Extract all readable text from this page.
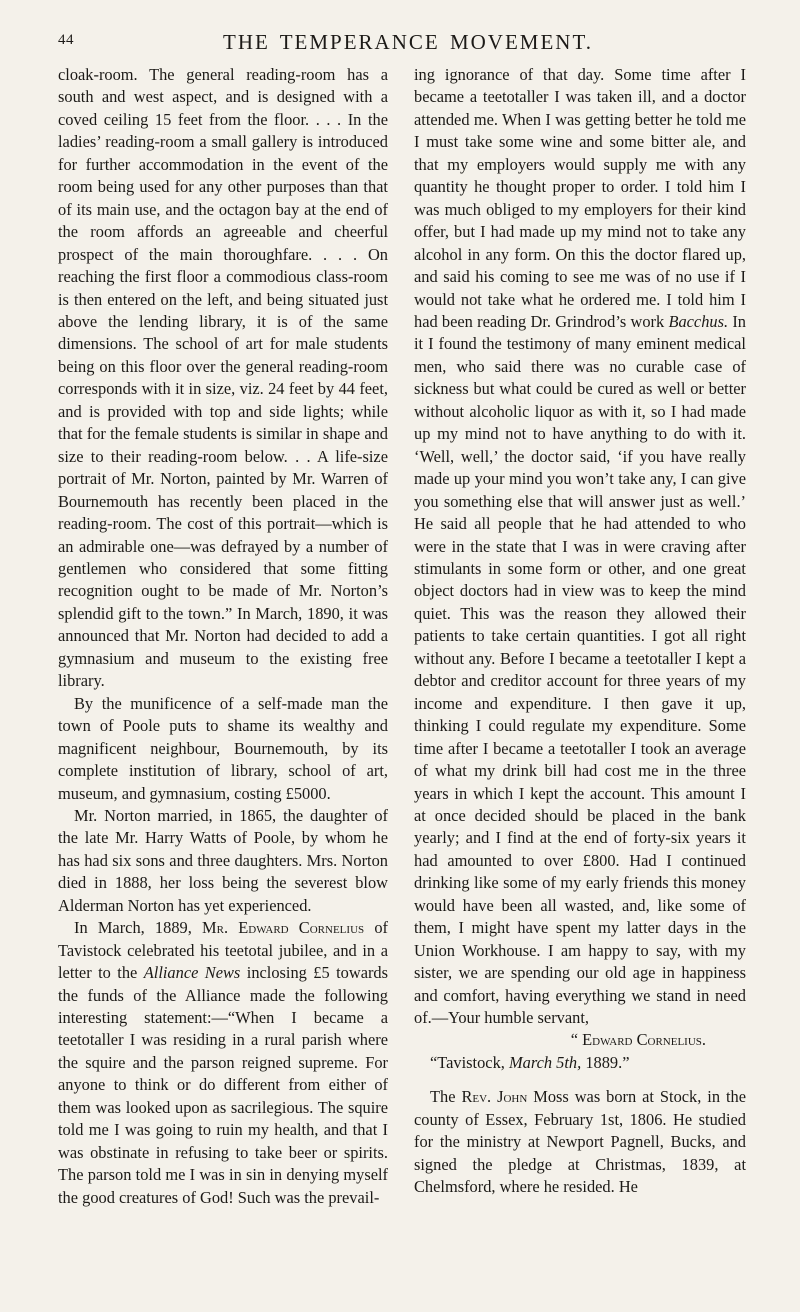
44	THE TEMPERANCE MOVEMENT.

cloak-room. The general reading-room has a south and west aspect, and is designed with a coved ceiling 15 feet from the floor. . . . In the ladies’ reading-room a small gallery is introduced for further accommodation in the event of the room being used for any other purposes than that of its main use, and the octagon bay at the end of the room affords an agreeable and cheerful prospect of the main thoroughfare. . . . On reaching the first floor a commodious class-room is then entered on the left, and being situated just above the lending library, it is of the same dimensions. The school of art for male students being on this floor over the general reading-room corresponds with it in size, viz. 24 feet by 44 feet, and is provided with top and side lights; while that for the female students is similar in shape and size to their reading-room below. . . A life-size portrait of Mr. Norton, painted by Mr. Warren of Bournemouth has recently been placed in the reading-room. The cost of this portrait—which is an admirable one—was defrayed by a number of gentlemen who considered that some fitting recognition ought to be made of Mr. Norton’s splendid gift to the town.” In March, 1890, it was announced that Mr. Norton had decided to add a gymnasium and museum to the existing free library.

By the munificence of a self-made man the town of Poole puts to shame its wealthy and magnificent neighbour, Bournemouth, by its complete institution of library, school of art, museum, and gymnasium, costing £5000.

Mr. Norton married, in 1865, the daughter of the late Mr. Harry Watts of Poole, by whom he has had six sons and three daughters. Mrs. Norton died in 1888, her loss being the severest blow Alderman Norton has yet experienced.

In March, 1889, Mr. Edward Cornelius of Tavistock celebrated his teetotal jubilee, and in a letter to the Alliance News inclosing £5 towards the funds of the Alliance made the following interesting statement:—“When I became a teetotaller I was residing in a rural parish where the squire and the parson reigned supreme. For anyone to think or do different from either of them was looked upon as sacrilegious. The squire told me I was going to ruin my health, and that I was obstinate in refusing to take beer or spirits. The parson told me I was in sin in denying myself the good creatures of God! Such was the prevail-

ing ignorance of that day. Some time after I became a teetotaller I was taken ill, and a doctor attended me. When I was getting better he told me I must take some wine and some bitter ale, and that my employers would supply me with any quantity he thought proper to order. I told him I was much obliged to my employers for their kind offer, but I had made up my mind not to take any alcohol in any form. On this the doctor flared up, and said his coming to see me was of no use if I would not take what he ordered me. I told him I had been reading Dr. Grindrod’s work Bacchus. In it I found the testimony of many eminent medical men, who said there was no curable case of sickness but what could be cured as well or better without alcoholic liquor as with it, so I had made up my mind not to have anything to do with it. ‘Well, well,’ the doctor said, ‘if you have really made up your mind you won’t take any, I can give you something else that will answer just as well.’ He said all people that he had attended to who were in the state that I was in were craving after stimulants in some form or other, and one great object doctors had in view was to keep the mind quiet. This was the reason they allowed their patients to take certain quantities. I got all right without any. Before I became a teetotaller I kept a debtor and creditor account for three years of my income and expenditure. I then gave it up, thinking I could regulate my expenditure. Some time after I became a teetotaller I took an average of what my drink bill had cost me in the three years in which I kept the account. This amount I at once decided should be placed in the bank yearly; and I find at the end of forty-six years it had amounted to over £800. Had I continued drinking like some of my early friends this money would have been all wasted, and, like some of them, I might have spent my latter days in the Union Workhouse. I am happy to say, with my sister, we are spending our old age in happiness and comfort, having everything we stand in need of.—Your humble servant,

“ Edward Cornelius.

“Tavistock, March 5th, 1889.”

The Rev. John Moss was born at Stock, in the county of Essex, February 1st, 1806. He studied for the ministry at Newport Pagnell, Bucks, and signed the pledge at Christmas, 1839, at Chelmsford, where he resided. He
